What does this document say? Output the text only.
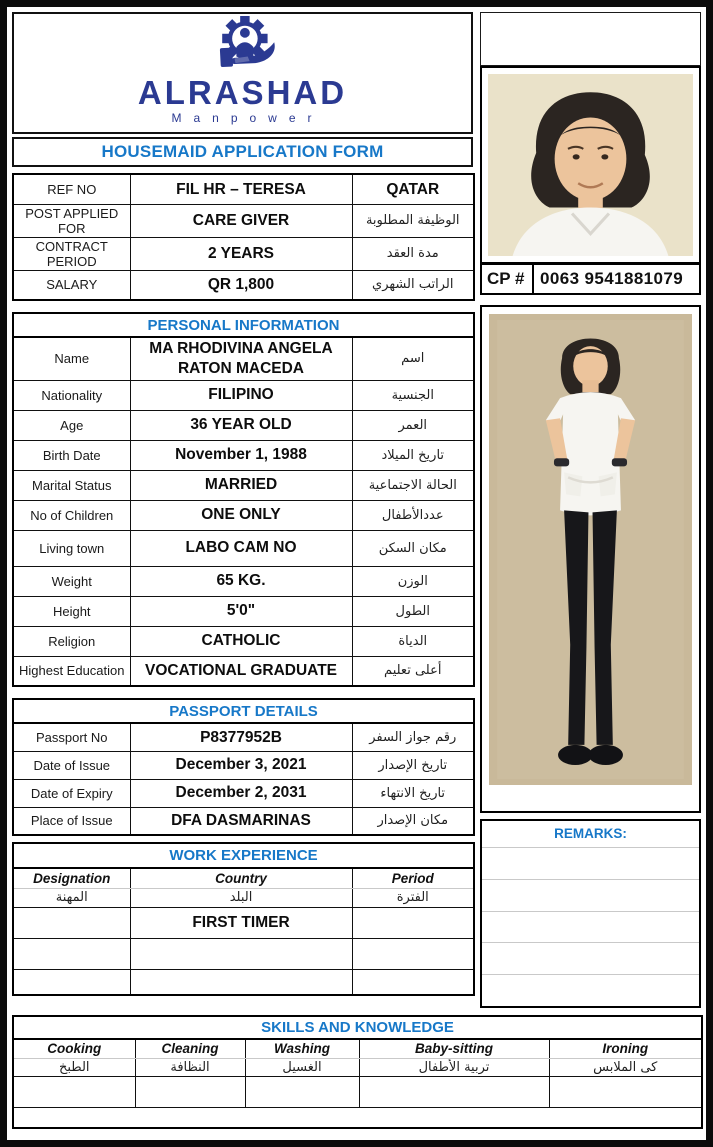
ALRASHAD
Manpower
HOUSEMAID APPLICATION FORM
REF NO	FIL HR – TERESA	QATAR
POST APPLIED FOR	CARE GIVER	الوظيفة المطلوبة
CONTRACT PERIOD	2 YEARS	مدة العقد
SALARY	QR 1,800	الراتب الشهري
PERSONAL INFORMATION		
Name	MA RHODIVINA ANGELA RATON MACEDA	اسم
Nationality	FILIPINO	الجنسية
Age	36 YEAR OLD	العمر
Birth Date	November 1, 1988	تاريخ الميلاد
Marital Status	MARRIED	الحالة الاجتماعية
No of Children	ONE ONLY	عددالأطفال
Living town	LABO CAM NO	مكان السكن
Weight	65 KG.	الوزن
Height	5'0"	الطول
Religion	CATHOLIC	الدياة
Highest Education	VOCATIONAL GRADUATE	أعلى تعليم
PASSPORT DETAILS		
Passport No	P8377952B	رقم جواز السفر
Date of Issue	December 3, 2021	تاريخ الإصدار
Date of Expiry	December 2, 2031	تاريخ الانتهاء
Place of Issue	DFA DASMARINAS	مكان الإصدار
WORK EXPERIENCE		
Designation	Country	Period
المهنة	البلد	الفترة
	FIRST TIMER	

CP # 0063 9541881079
REMARKS:
SKILLS AND KNOWLEDGE				
Cooking	Cleaning	Washing	Baby-sitting	Ironing
الطبخ	النظافة	الغسيل	تربية الأطفال	كى الملابس
